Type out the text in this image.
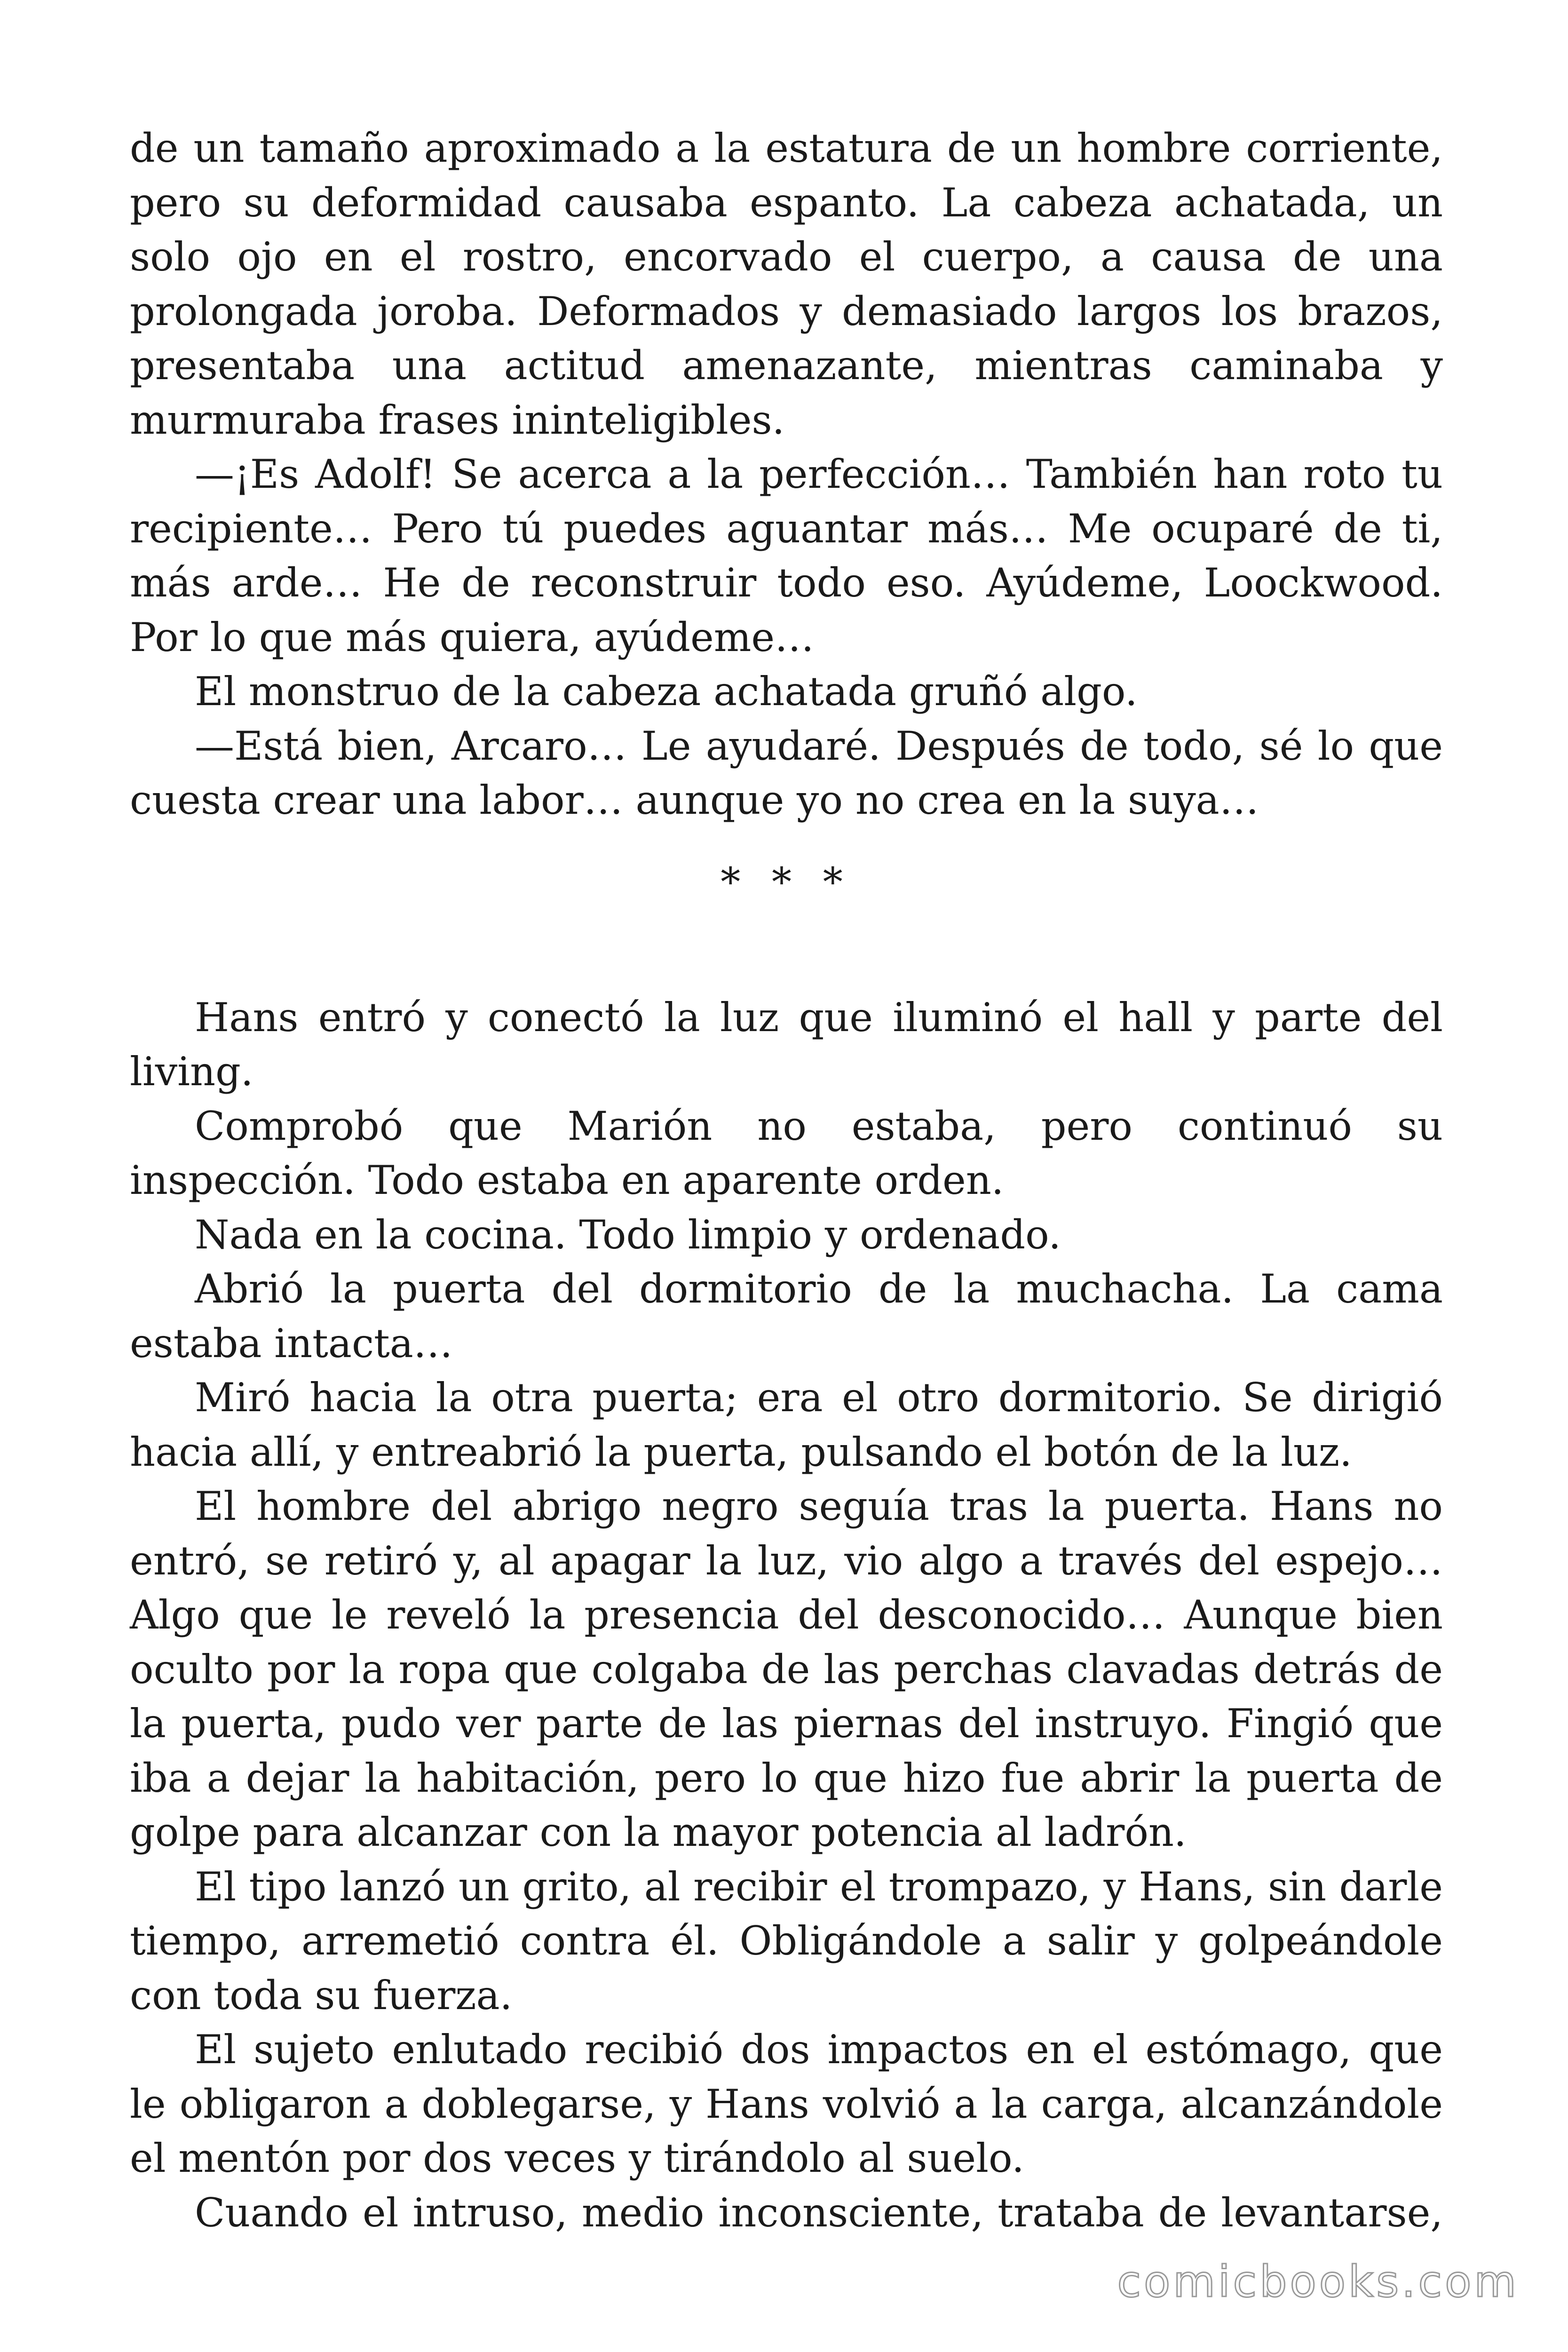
de un tamaño aproximado a la estatura de un hombre corriente, pero su deformidad causaba espanto. La cabeza achatada, un solo ojo en el rostro, encorvado el cuerpo, a causa de una prolongada joroba. Deformados y demasiado largos los brazos, presentaba una actitud amenazante, mientras caminaba y murmuraba frases ininteligibles.

—¡Es Adolf! Se acerca a la perfección… También han roto tu recipiente… Pero tú puedes aguantar más… Me ocuparé de ti, más arde… He de reconstruir todo eso. Ayúdeme, Loockwood. Por lo que más quiera, ayúdeme…

El monstruo de la cabeza achatada gruñó algo.

—Está bien, Arcaro… Le ayudaré. Después de todo, sé lo que cuesta crear una labor… aunque yo no crea en la suya…

* * *

Hans entró y conectó la luz que iluminó el hall y parte del living.

Comprobó que Marión no estaba, pero continuó su inspección. Todo estaba en aparente orden.

Nada en la cocina. Todo limpio y ordenado.

Abrió la puerta del dormitorio de la muchacha. La cama estaba intacta…

Miró hacia la otra puerta; era el otro dormitorio. Se dirigió hacia allí, y entreabrió la puerta, pulsando el botón de la luz.

El hombre del abrigo negro seguía tras la puerta. Hans no entró, se retiró y, al apagar la luz, vio algo a través del espejo… Algo que le reveló la presencia del desconocido… Aunque bien oculto por la ropa que colgaba de las perchas clavadas detrás de la puerta, pudo ver parte de las piernas del instruyo. Fingió que iba a dejar la habitación, pero lo que hizo fue abrir la puerta de golpe para alcanzar con la mayor potencia al ladrón.

El tipo lanzó un grito, al recibir el trompazo, y Hans, sin darle tiempo, arremetió contra él. Obligándole a salir y golpeándole con toda su fuerza.

El sujeto enlutado recibió dos impactos en el estómago, que le obligaron a doblegarse, y Hans volvió a la carga, alcanzándole el mentón por dos veces y tirándolo al suelo.

Cuando el intruso, medio inconsciente, trataba de levantarse,

comicbooks.com
